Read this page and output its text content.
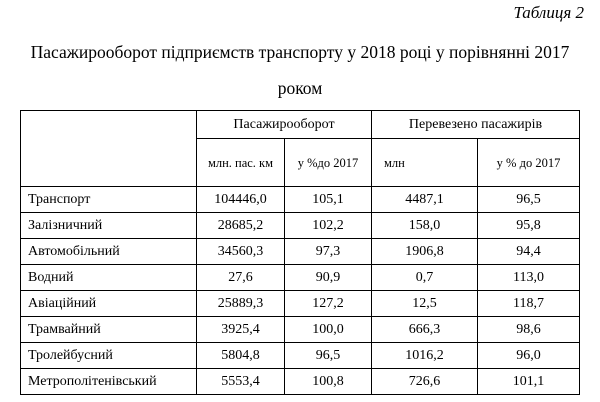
Таблиця 2
Пасажирооборот підприємств транспорту у 2018 році у порівнянні 2017 роком
	Пасажирооборот		Перевезено пасажирів	
	млн. пас. км	у %до 2017	млн	у % до 2017
Транспорт	104446,0	105,1	4487,1	96,5
Залізничний	28685,2	102,2	158,0	95,8
Автомобільний	34560,3	97,3	1906,8	94,4
Водний	27,6	90,9	0,7	113,0
Авіаційний	25889,3	127,2	12,5	118,7
Трамвайний	3925,4	100,0	666,3	98,6
Тролейбусний	5804,8	96,5	1016,2	96,0
Метрополітенівський	5553,4	100,8	726,6	101,1
